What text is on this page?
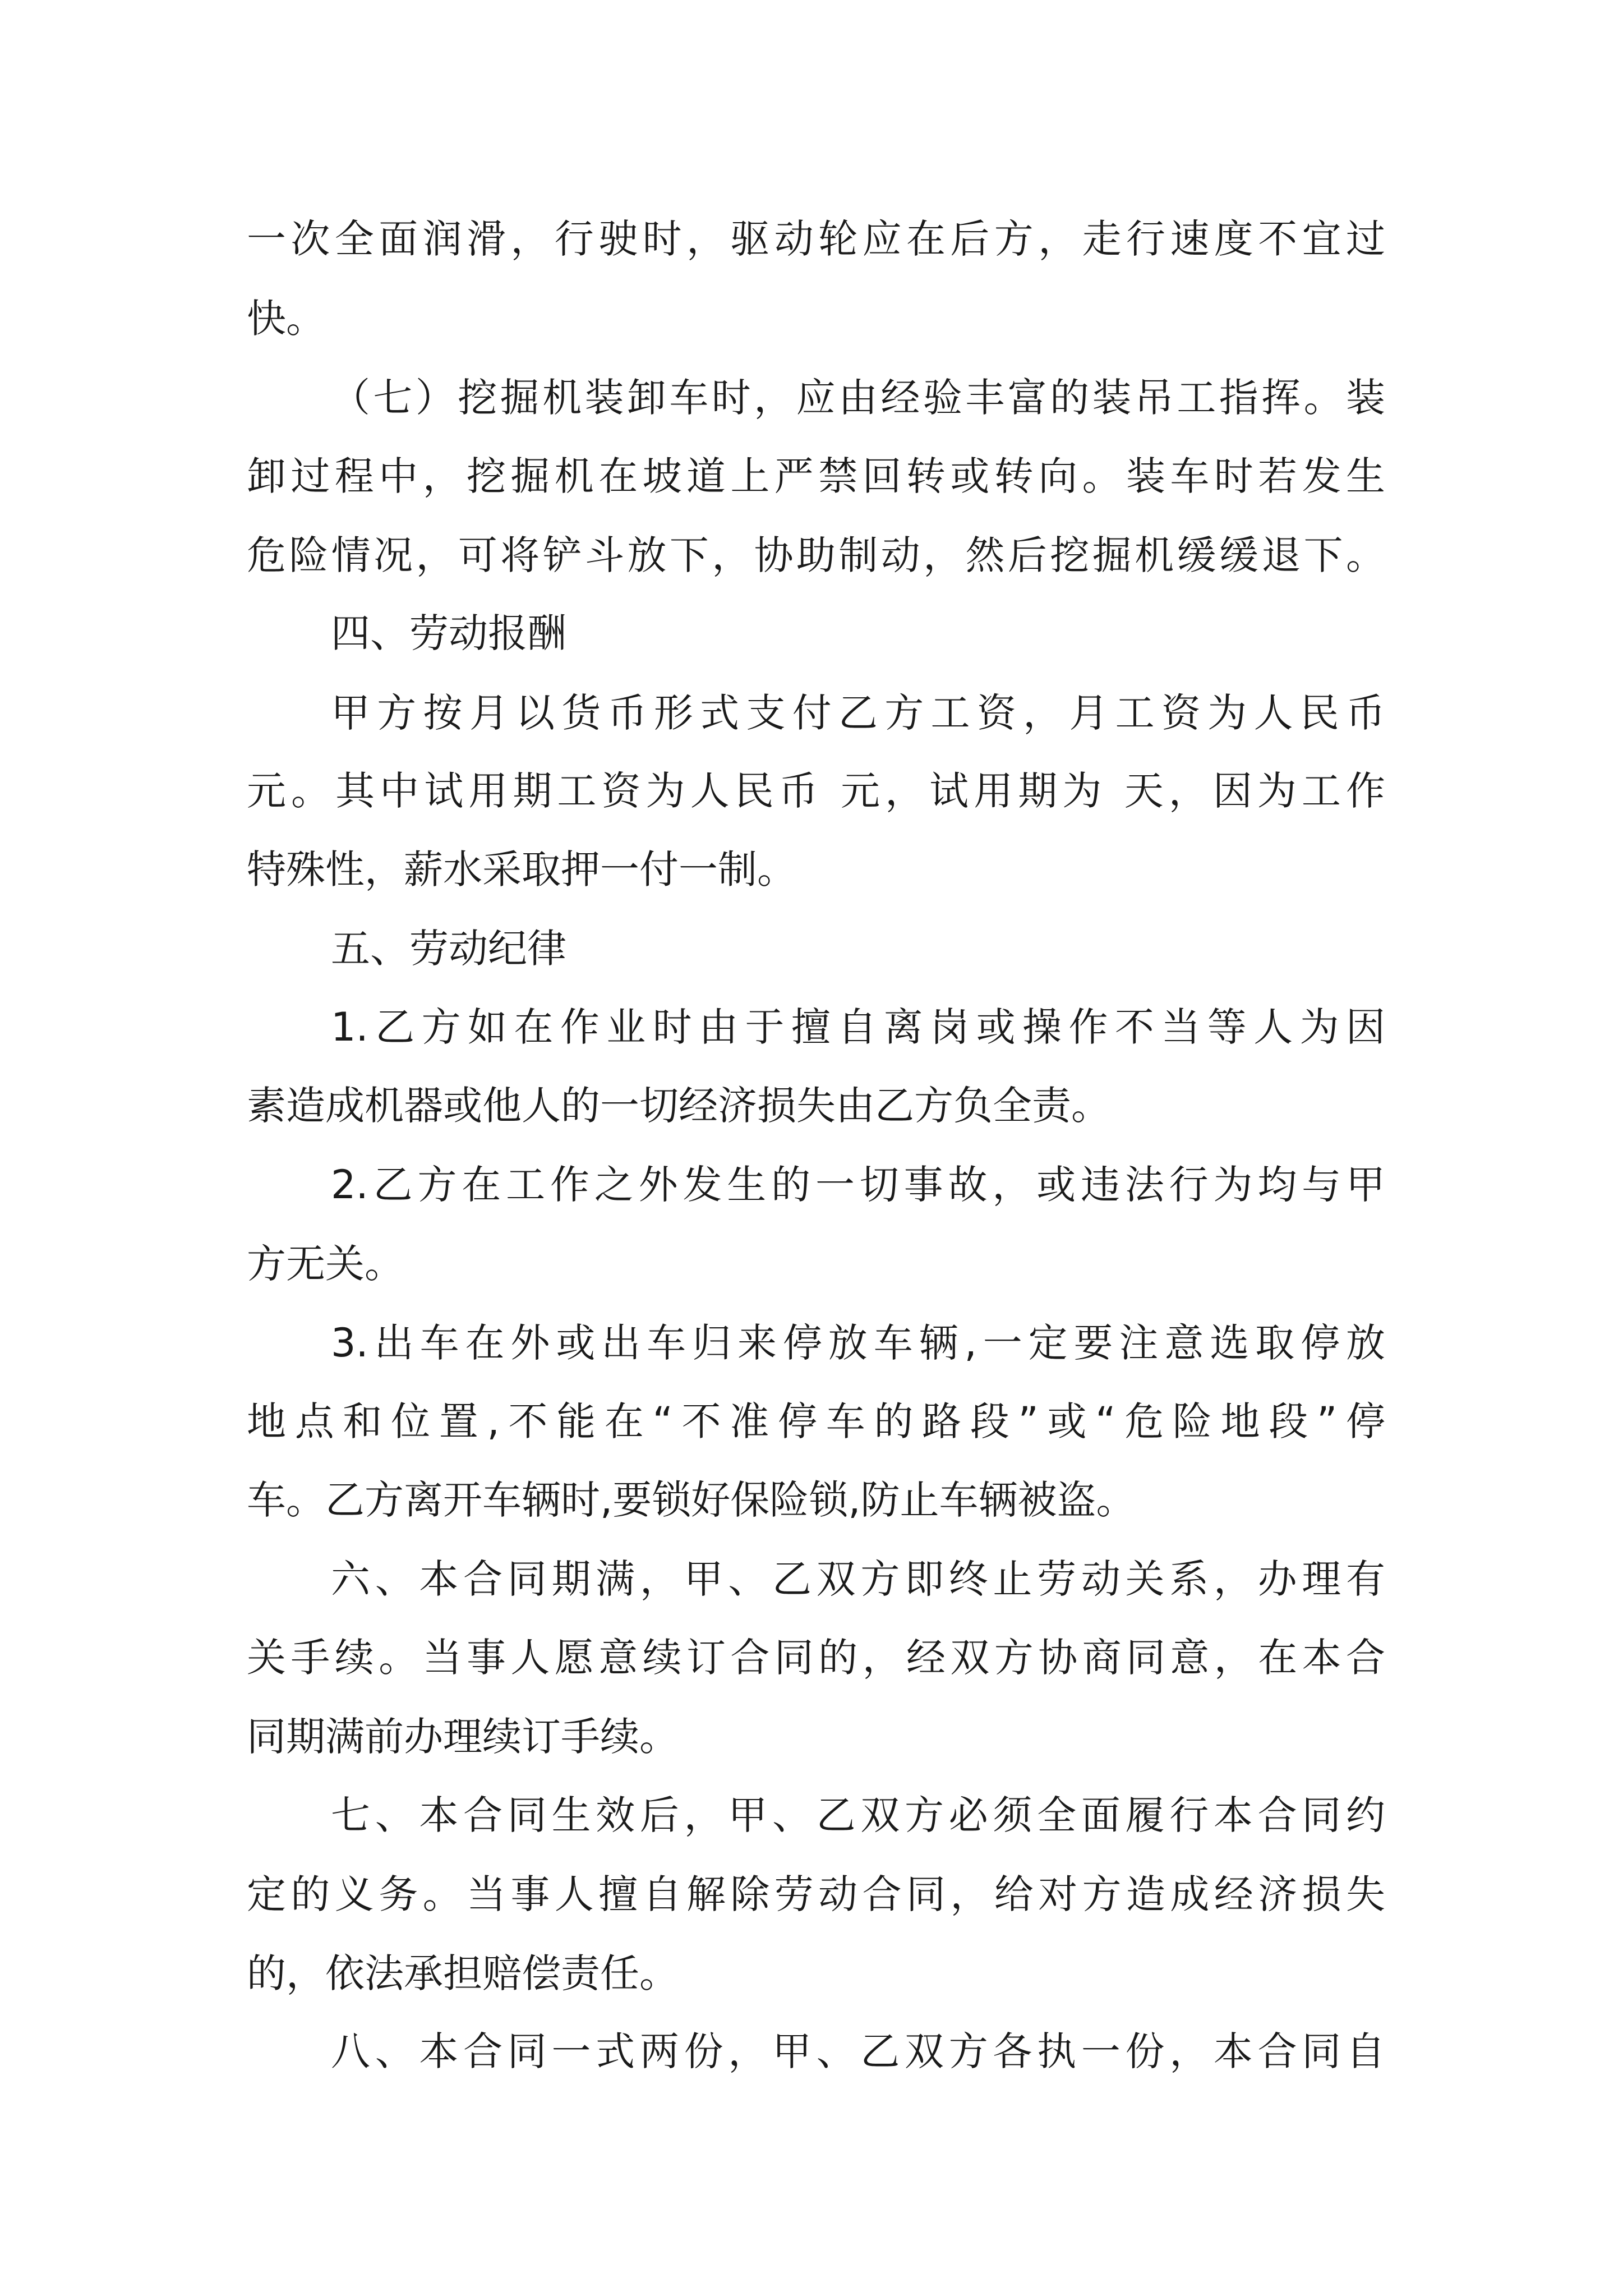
一次全面润滑，行驶时，驱动轮应在后方，走行速度不宜过
快。
（七）挖掘机装卸车时，应由经验丰富的装吊工指挥。装
卸过程中，挖掘机在坡道上严禁回转或转向。装车时若发生
危险情况，可将铲斗放下，协助制动，然后挖掘机缓缓退下。
四、劳动报酬
甲方按月以货币形式支付乙方工资，月工资为人民币
元。其中试用期工资为人民币 元，试用期为 天，因为工作
特殊性，薪水采取押一付一制。
五、劳动纪律
1.乙方如在作业时由于擅自离岗或操作不当等人为因
素造成机器或他人的一切经济损失由乙方负全责。
2.乙方在工作之外发生的一切事故，或违法行为均与甲
方无关。
3.出车在外或出车归来停放车辆,一定要注意选取停放
地点和位置,不能在“不准停车的路段”或“危险地段”停
车。乙方离开车辆时,要锁好保险锁,防止车辆被盗。
六、本合同期满，甲、乙双方即终止劳动关系，办理有
关手续。当事人愿意续订合同的，经双方协商同意，在本合
同期满前办理续订手续。
七、本合同生效后，甲、乙双方必须全面履行本合同约
定的义务。当事人擅自解除劳动合同，给对方造成经济损失
的，依法承担赔偿责任。
八、本合同一式两份，甲、乙双方各执一份，本合同自
